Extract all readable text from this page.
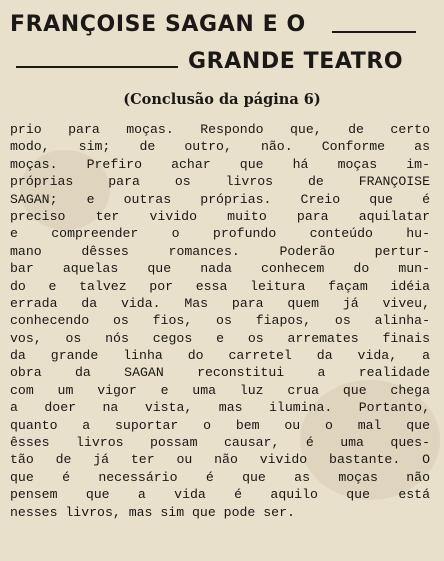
FRANÇOISE SAGAN E O
GRANDE TEATRO
(Conclusão da página 6)
prio para moças. Respondo que, de certo
modo, sim; de outro, não. Conforme as
moças. Prefiro achar que há moças im-
próprias para os livros de FRANÇOISE
SAGAN; e outras próprias. Creio que é
preciso ter vivido muito para aquilatar
e compreender o profundo conteúdo hu-
mano dêsses romances. Poderão pertur-
bar aquelas que nada conhecem do mun-
do e talvez por essa leitura façam idéia
errada da vida. Mas para quem já viveu,
conhecendo os fios, os fiapos, os alinha-
vos, os nós cegos e os arremates finais
da grande linha do carretel da vida, a
obra da SAGAN reconstitui a realidade
com um vigor e uma luz crua que chega
a doer na vista, mas ilumina. Portanto,
quanto a suportar o bem ou o mal que
êsses livros possam causar, é uma ques-
tão de já ter ou não vivido bastante. O
que é necessário é que as moças não
pensem que a vida é aquilo que está
nesses livros, mas sim que pode ser.
